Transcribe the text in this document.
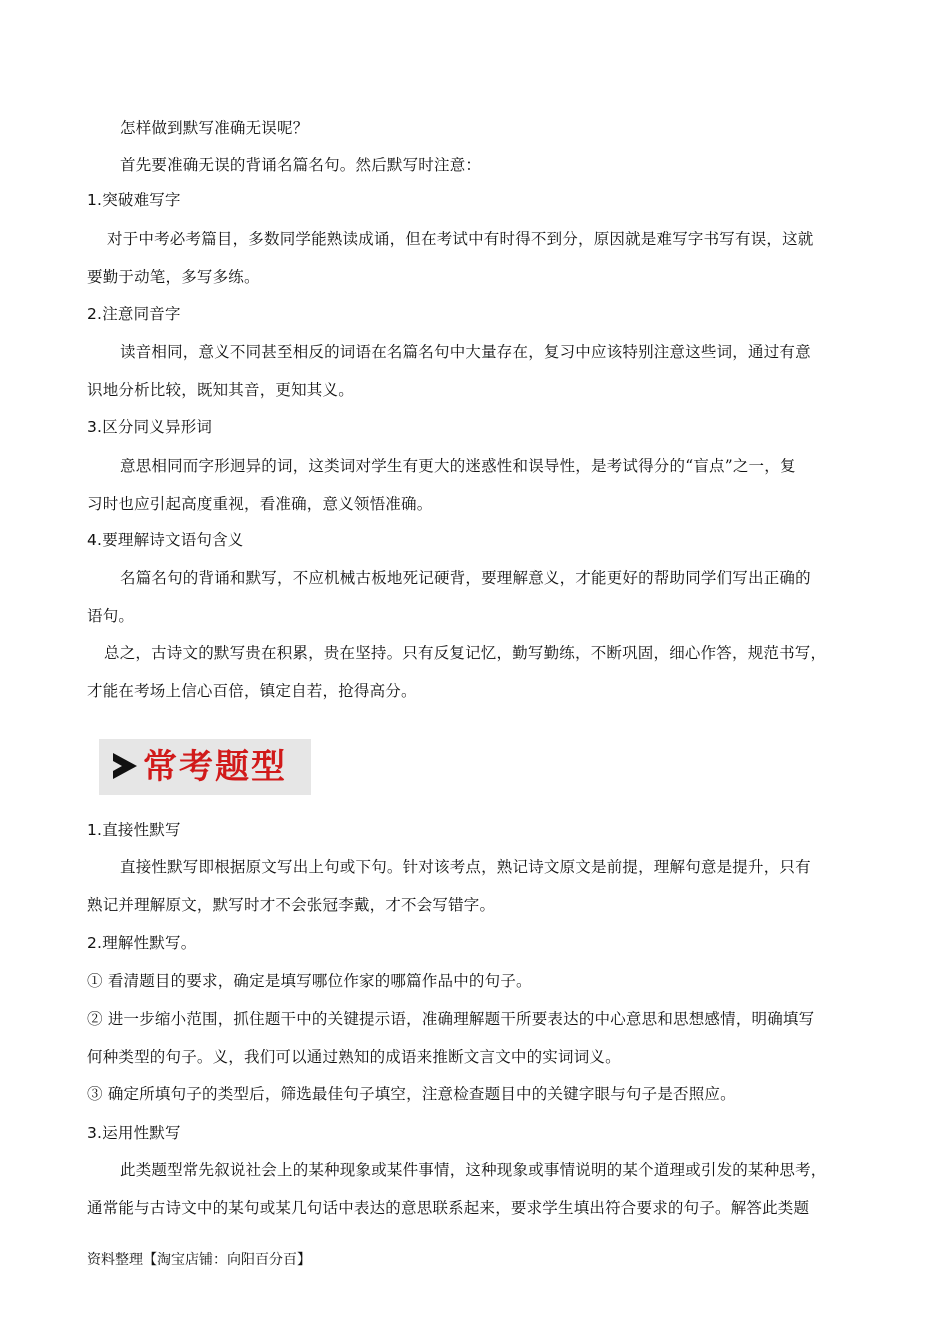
怎样做到默写准确无误呢？
首先要准确无误的背诵名篇名句。然后默写时注意：
1.突破难写字
对于中考必考篇目，多数同学能熟读成诵，但在考试中有时得不到分，原因就是难写字书写有误，这就
要勤于动笔，多写多练。
2.注意同音字
读音相同，意义不同甚至相反的词语在名篇名句中大量存在，复习中应该特别注意这些词，通过有意
识地分析比较，既知其音，更知其义。
3.区分同义异形词
意思相同而字形迥异的词，这类词对学生有更大的迷惑性和误导性，是考试得分的“盲点”之一，复
习时也应引起高度重视，看准确，意义领悟准确。
4.要理解诗文语句含义
名篇名句的背诵和默写，不应机械古板地死记硬背，要理解意义，才能更好的帮助同学们写出正确的
语句。
总之，古诗文的默写贵在积累，贵在坚持。只有反复记忆，勤写勤练，不断巩固，细心作答，规范书写，
才能在考场上信心百倍，镇定自若，抢得高分。
常考题型
1.直接性默写
直接性默写即根据原文写出上句或下句。针对该考点，熟记诗文原文是前提，理解句意是提升，只有
熟记并理解原文，默写时才不会张冠李戴，才不会写错字。
2.理解性默写。
① 看清题目的要求，确定是填写哪位作家的哪篇作品中的句子。
② 进一步缩小范围，抓住题干中的关键提示语，准确理解题干所要表达的中心意思和思想感情，明确填写
何种类型的句子。义，我们可以通过熟知的成语来推断文言文中的实词词义。
③ 确定所填句子的类型后，筛选最佳句子填空，注意检查题目中的关键字眼与句子是否照应。
3.运用性默写
此类题型常先叙说社会上的某种现象或某件事情，这种现象或事情说明的某个道理或引发的某种思考，
通常能与古诗文中的某句或某几句话中表达的意思联系起来，要求学生填出符合要求的句子。解答此类题
资料整理【淘宝店铺：向阳百分百】
